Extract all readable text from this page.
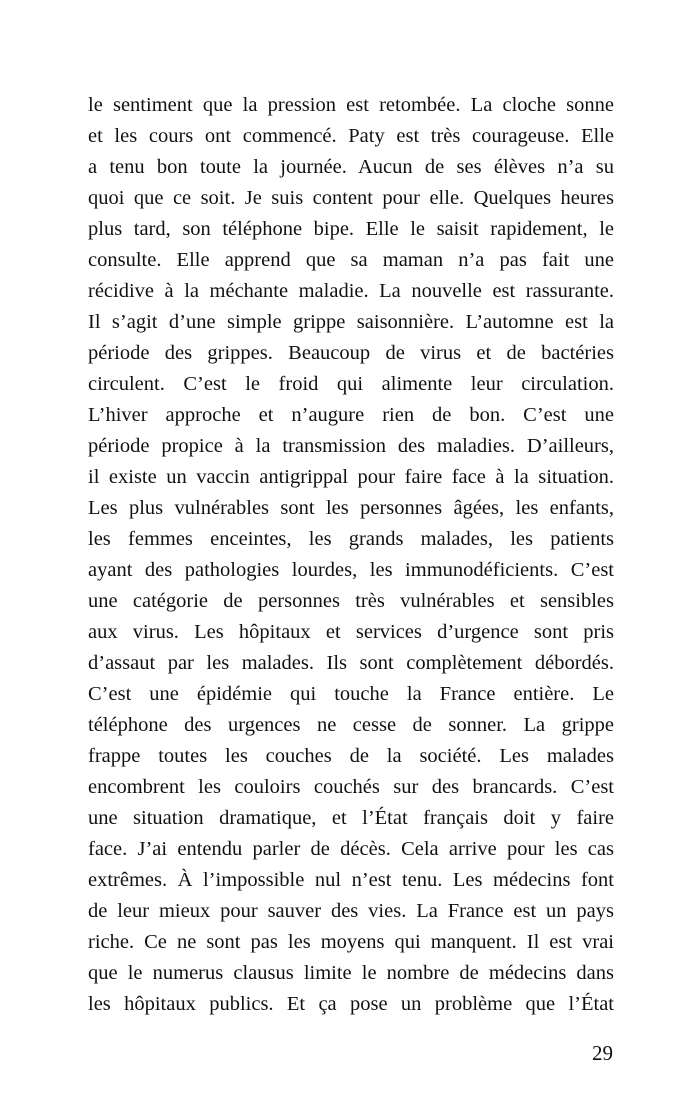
le sentiment que la pression est retombée. La cloche sonne
et les cours ont commencé. Paty est très courageuse. Elle
a tenu bon toute la journée. Aucun de ses élèves n’a su
quoi que ce soit. Je suis content pour elle. Quelques heures
plus tard, son téléphone bipe. Elle le saisit rapidement, le
consulte. Elle apprend que sa maman n’a pas fait une
récidive à la méchante maladie. La nouvelle est rassurante.
Il s’agit d’une simple grippe saisonnière. L’automne est la
période des grippes. Beaucoup de virus et de bactéries
circulent. C’est le froid qui alimente leur circulation.
L’hiver approche et n’augure rien de bon. C’est une
période propice à la transmission des maladies. D’ailleurs,
il existe un vaccin antigrippal pour faire face à la situation.
Les plus vulnérables sont les personnes âgées, les enfants,
les femmes enceintes, les grands malades, les patients
ayant des pathologies lourdes, les immunodéficients. C’est
une catégorie de personnes très vulnérables et sensibles
aux virus. Les hôpitaux et services d’urgence sont pris
d’assaut par les malades. Ils sont complètement débordés.
C’est une épidémie qui touche la France entière. Le
téléphone des urgences ne cesse de sonner. La grippe
frappe toutes les couches de la société. Les malades
encombrent les couloirs couchés sur des brancards. C’est
une situation dramatique, et l’État français doit y faire
face. J’ai entendu parler de décès. Cela arrive pour les cas
extrêmes. À l’impossible nul n’est tenu. Les médecins font
de leur mieux pour sauver des vies. La France est un pays
riche. Ce ne sont pas les moyens qui manquent. Il est vrai
que le numerus clausus limite le nombre de médecins dans
les hôpitaux publics. Et ça pose un problème que l’État
29
